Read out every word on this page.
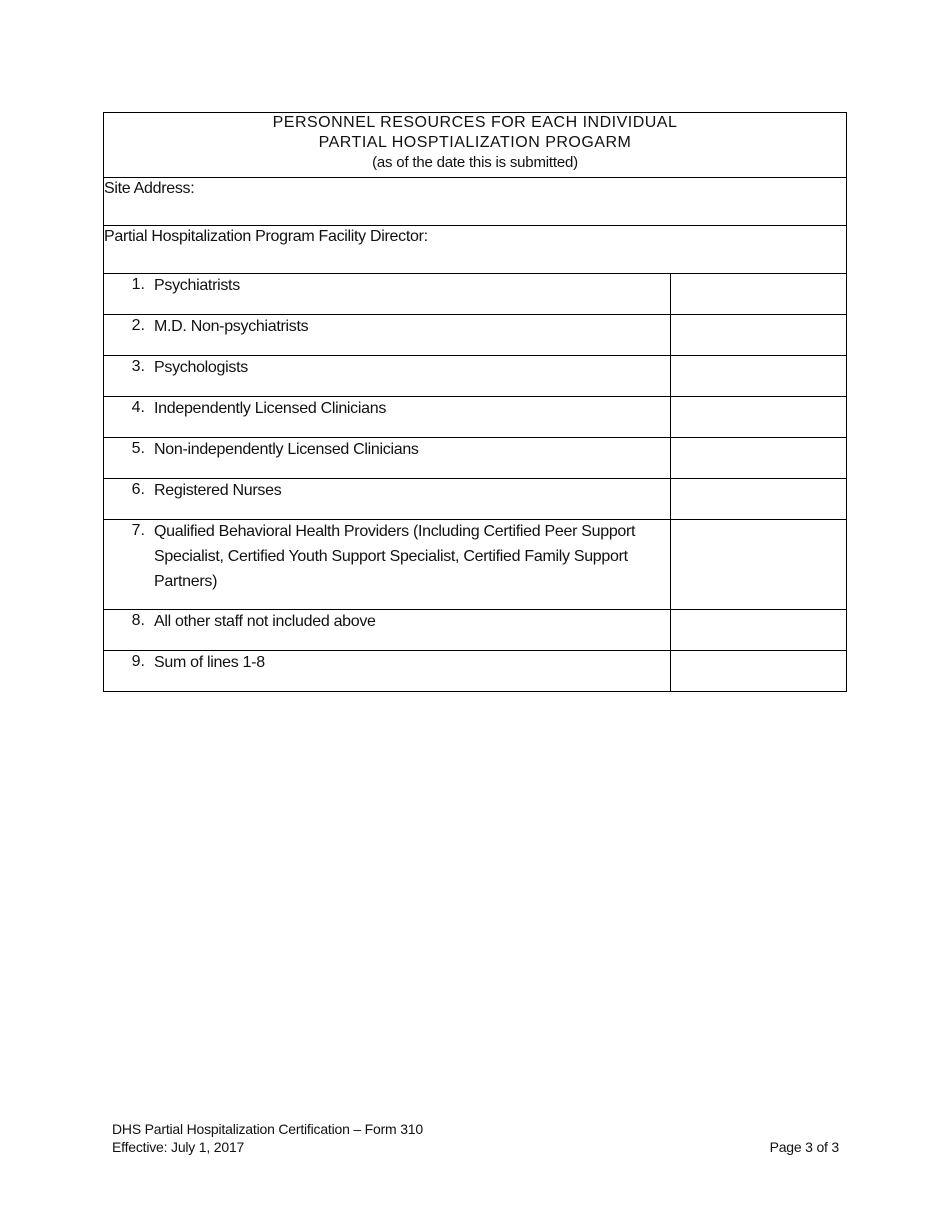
PERSONNEL RESOURCES FOR EACH INDIVIDUAL
PARTIAL HOSPTIALIZATION PROGARM
(as of the date this is submitted)	

Site Address:	

Partial Hospitalization Program Facility Director:	

1. Psychiatrists	

2. M.D. Non-psychiatrists	

3. Psychologists	

4. Independently Licensed Clinicians	

5. Non-independently Licensed Clinicians	

6. Registered Nurses	

7. Qualified Behavioral Health Providers (Including Certified Peer Support Specialist, Certified Youth Support Specialist, Certified Family Support Partners)	

8. All other staff not included above	

9. Sum of lines 1-8	

DHS Partial Hospitalization Certification – Form 310
Effective: July 1, 2017	Page 3 of 3
